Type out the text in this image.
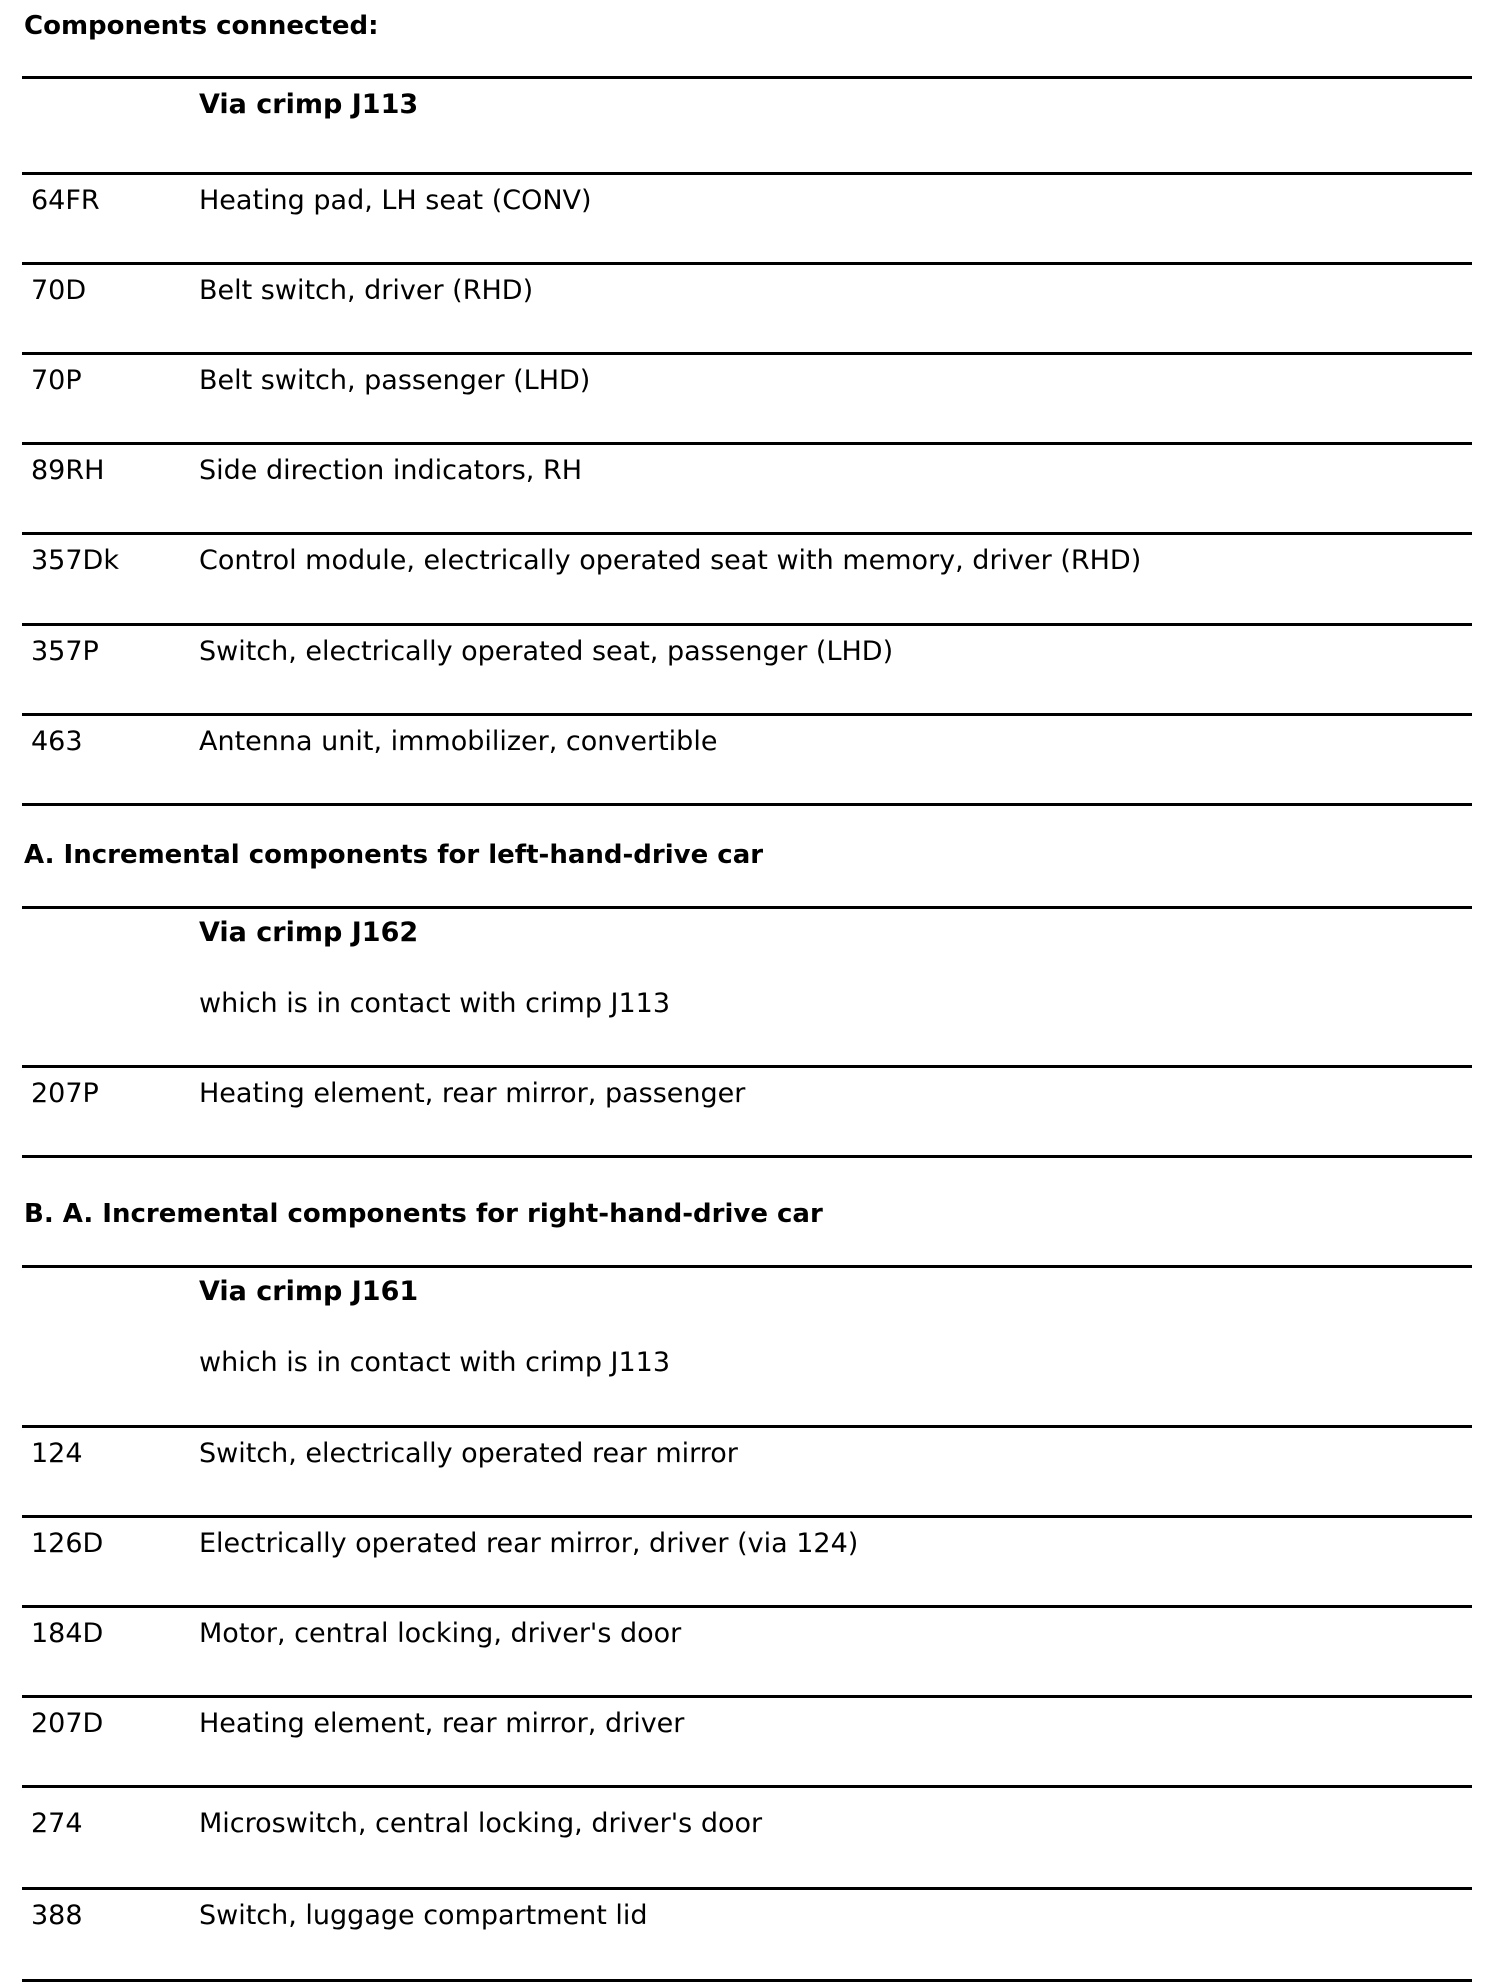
Components connected:
Via crimp J113
64FR	Heating pad, LH seat (CONV)
70D	Belt switch, driver (RHD)
70P	Belt switch, passenger (LHD)
89RH	Side direction indicators, RH
357Dk	Control module, electrically operated seat with memory, driver (RHD)
357P	Switch, electrically operated seat, passenger (LHD)
463	Antenna unit, immobilizer, convertible
A. Incremental components for left-hand-drive car
Via crimp J162
which is in contact with crimp J113
207P	Heating element, rear mirror, passenger
B. A. Incremental components for right-hand-drive car
Via crimp J161
which is in contact with crimp J113
124	Switch, electrically operated rear mirror
126D	Electrically operated rear mirror, driver (via 124)
184D	Motor, central locking, driver's door
207D	Heating element, rear mirror, driver
274	Microswitch, central locking, driver's door
388	Switch, luggage compartment lid
